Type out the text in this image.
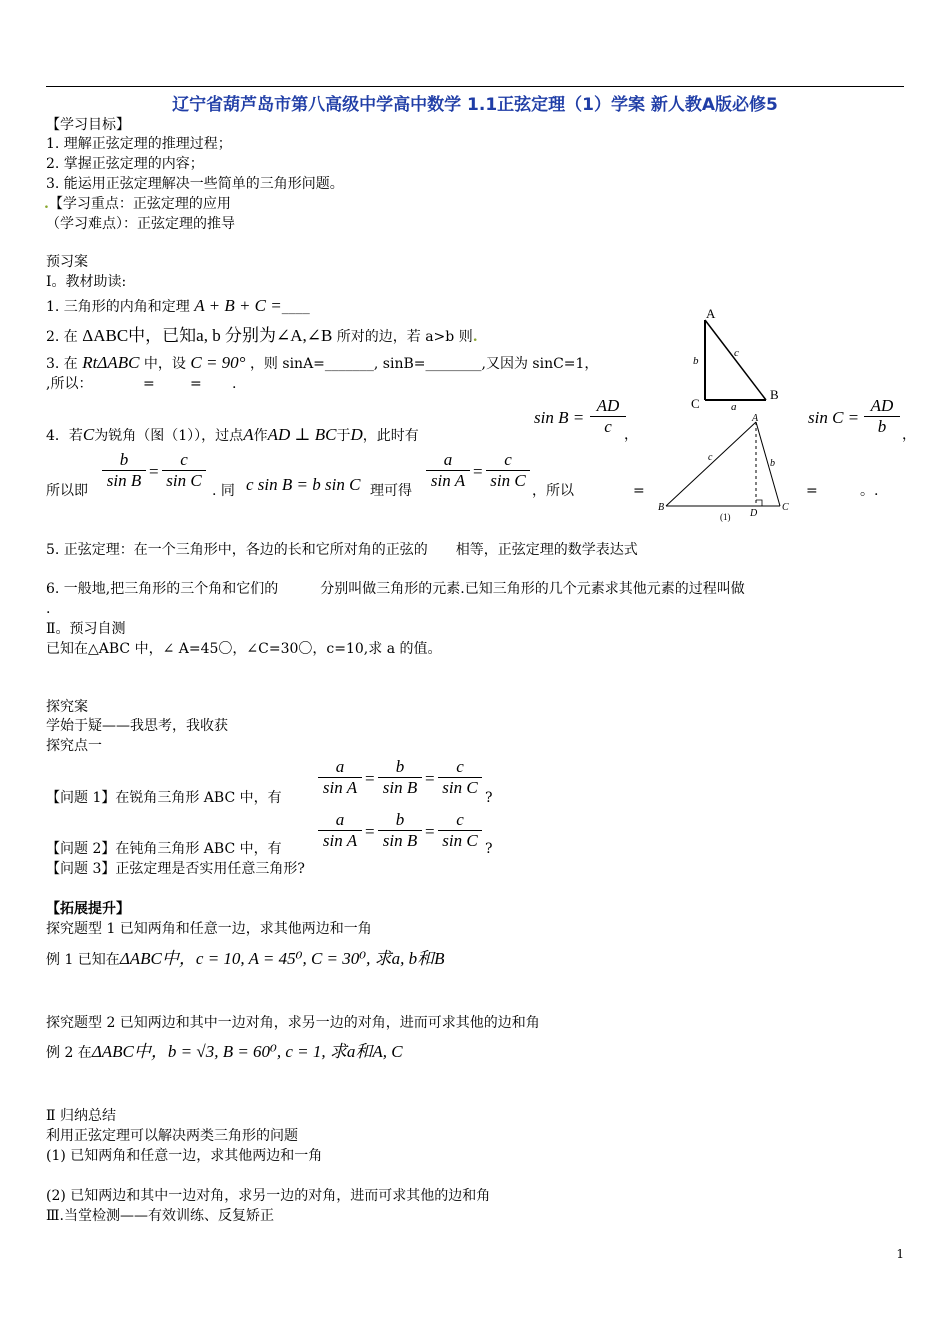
辽宁省葫芦岛市第八高级中学高中数学 1.1正弦定理（1）学案 新人教A版必修5
【学习目标】
1. 理解正弦定理的推理过程；
2. 掌握正弦定理的内容；
3. 能运用正弦定理解决一些简单的三角形问题。
.【学习重点：正弦定理的应用
（学习难点）：正弦定理的推导
预习案
Ⅰ。教材助读:
1. 三角形的内角和定理 A + B + C =____
2. 在 ΔABC中，已知a, b 分别为∠A,∠B 所对的边，若 a>b 则.
3. 在 RtΔABC 中，设 C = 90° ，则 sinA=_______, sinB=________,又因为 sinC=1，
,所以：	=	= .
A
B
C	a
b
c
4．若C为锐角（图（1）），过点A作AD ⊥ BC于D，此时有
$\sin B = \frac{AD}{c}$
，
$\sin C = \frac{AD}{b}$ ，
所以即 $\frac{b}{\text{sin B}} = \frac{c}{\text{sin C}}$ . 同 c sin B = b sin C 理可得 $\frac{a}{\text{sin A}} = \frac{c}{\text{sin C}}$ ，所以	=	=	。.
A
B	C
D
c
b
(1)
5. 正弦定理：在一个三角形中，各边的长和它所对角的正弦的　　相等，正弦定理的数学表达式
6. 一般地,把三角形的三个角和它们的　　　分别叫做三角形的元素.已知三角形的几个元素求其他元素的过程叫做
.
Ⅱ。预习自测
已知在△ABC 中，∠ A=45〇，∠C=30〇，c=10,求 a 的值。
探究案
学始于疑——我思考，我收获
探究点一
【问题 1】在锐角三角形 ABC 中，有 $\frac{a}{\text{sin A}} = \frac{b}{\text{sin B}} = \frac{c}{\text{sin C}}$ ?
【问题 2】在钝角三角形 ABC 中，有 $\frac{a}{\text{sin A}} = \frac{b}{\text{sin B}} = \frac{c}{\text{sin C}}$ ?
【问题 3】正弦定理是否实用任意三角形?
【拓展提升】
探究题型 1 已知两角和任意一边，求其他两边和一角
例 1 已知在ΔABC中，c = 10, A = 45⁰, C = 30⁰, 求a, b和B
探究题型 2 已知两边和其中一边对角，求另一边的对角，进而可求其他的边和角
例 2 在ΔABC中，b = √3, B = 60⁰, c = 1, 求a和A, C
Ⅱ 归纳总结
利用正弦定理可以解决两类三角形的问题
(1) 已知两角和任意一边，求其他两边和一角
(2) 已知两边和其中一边对角，求另一边的对角，进而可求其他的边和角
Ⅲ.当堂检测——有效训练、反复矫正
1
